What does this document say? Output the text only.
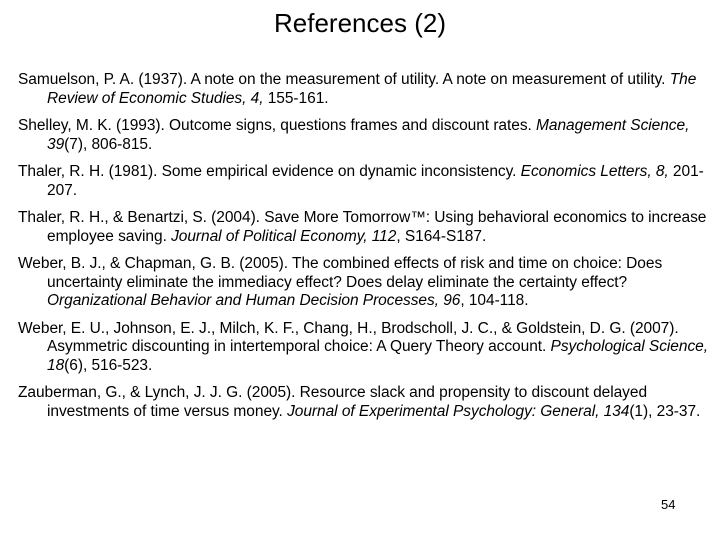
References (2)
Samuelson, P. A. (1937). A note on the measurement of utility. A note on measurement of utility. The Review of Economic Studies, 4, 155-161.
Shelley, M. K. (1993). Outcome signs, questions frames and discount rates. Management Science, 39(7), 806-815.
Thaler, R. H. (1981). Some empirical evidence on dynamic inconsistency. Economics Letters, 8, 201-207.
Thaler, R. H., & Benartzi, S. (2004). Save More Tomorrow™: Using behavioral economics to increase employee saving. Journal of Political Economy, 112, S164-S187.
Weber, B. J., & Chapman, G. B. (2005). The combined effects of risk and time on choice: Does uncertainty eliminate the immediacy effect? Does delay eliminate the certainty effect? Organizational Behavior and Human Decision Processes, 96, 104-118.
Weber, E. U., Johnson, E. J., Milch, K. F., Chang, H., Brodscholl, J. C., & Goldstein, D. G. (2007). Asymmetric discounting in intertemporal choice: A Query Theory account. Psychological Science, 18(6), 516-523.
Zauberman, G., & Lynch, J. J. G. (2005). Resource slack and propensity to discount delayed investments of time versus money. Journal of Experimental Psychology: General, 134(1), 23-37.
54
